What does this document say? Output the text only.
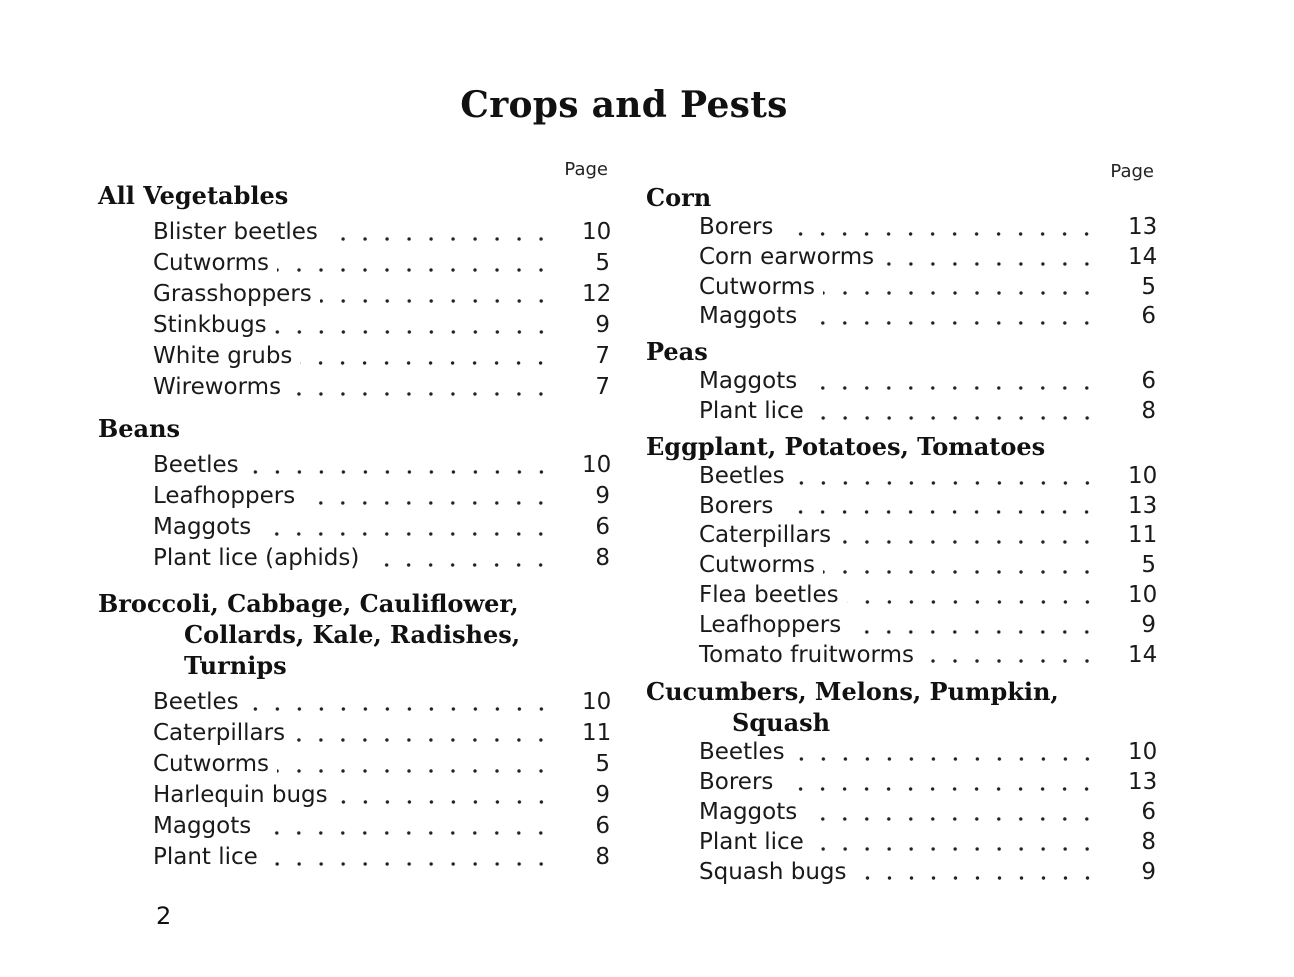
Crops and Pests
Page
All Vegetables
Blister beetles	10
Cutworms	5
Grasshoppers	12
Stinkbugs	9
White grubs	7
Wireworms	7
Beans
Beetles	10
Leafhoppers	9
Maggots	6
Plant lice (aphids)	8
Broccoli, Cabbage, Cauliflower,
Collards, Kale, Radishes,
Turnips
Beetles	10
Caterpillars	11
Cutworms	5
Harlequin bugs	9
Maggots	6
Plant lice	8
Page
Corn
Borers	13
Corn earworms	14
Cutworms	5
Maggots	6
Peas
Maggots	6
Plant lice	8
Eggplant, Potatoes, Tomatoes
Beetles	10
Borers	13
Caterpillars	11
Cutworms	5
Flea beetles	10
Leafhoppers	9
Tomato fruitworms	14
Cucumbers, Melons, Pumpkin,
Squash
Beetles	10
Borers	13
Maggots	6
Plant lice	8
Squash bugs	9
2
